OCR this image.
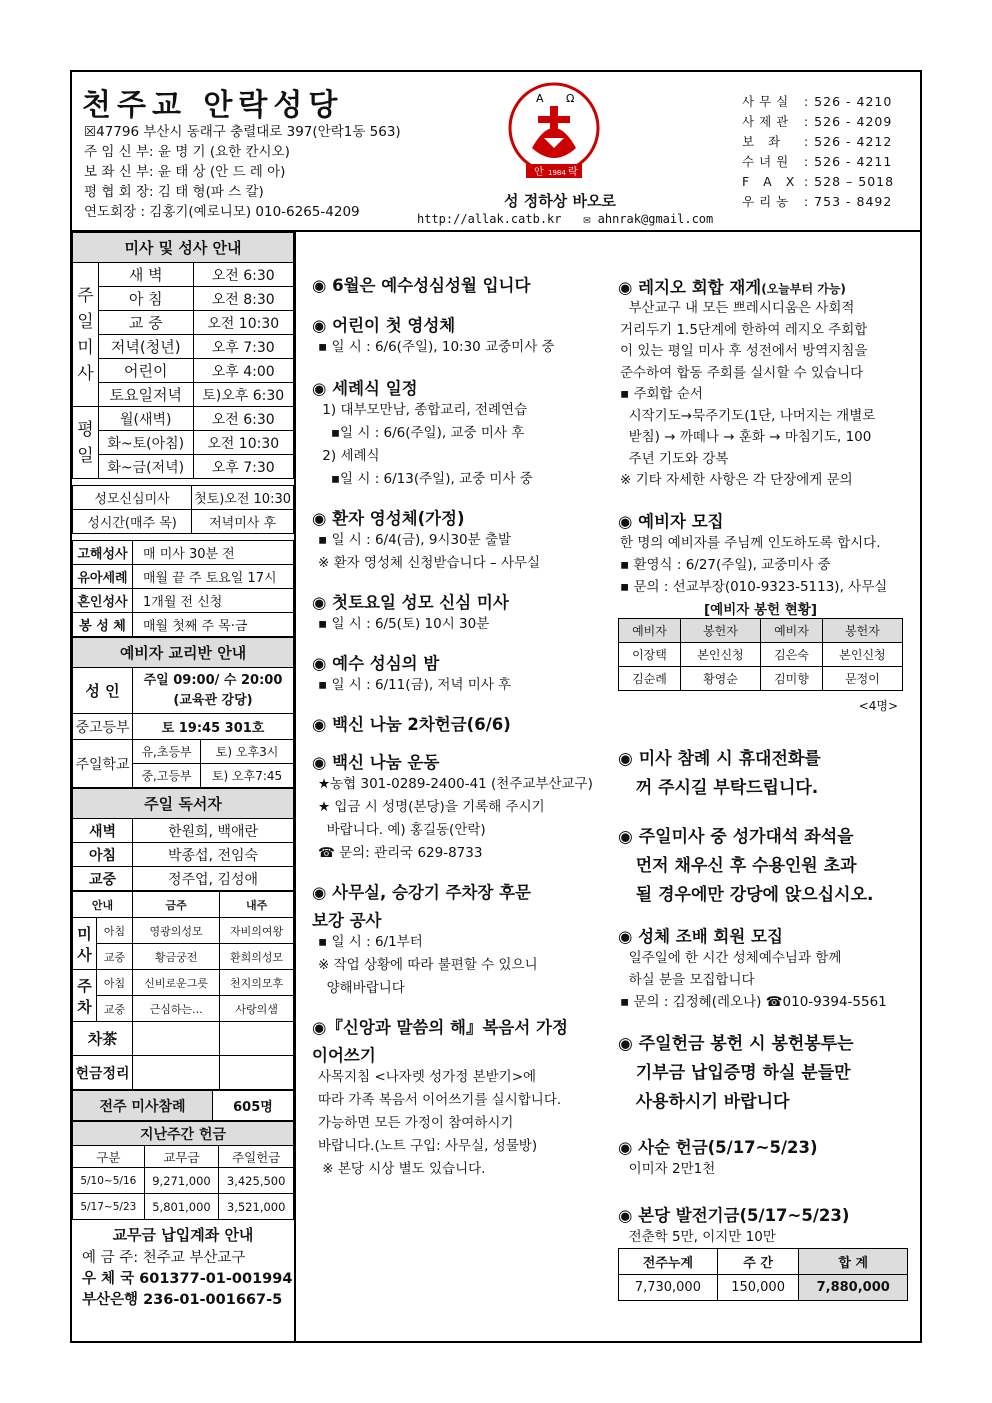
천주교 안락성당
☒47796 부산시 동래구 충렬대로 397(안락1동 563)
주 임 신 부: 윤 명 기 (요한 칸시오)
보 좌 신 부: 윤 태 상 (안 드 레 아)
평 협 회 장: 김 태 형(파 스 칼)
연도회장 : 김홍기(예로니모) 010-6265-4209
A Ω
안 1984 락
성 정하상 바오로
http://allak.catb.kr ✉ ahnrak@gmail.com
사무실 : 526 - 4210
사제관 : 526 - 4209
보 좌	: 526 - 4212
수녀원 : 526 - 4211
F A X : 528 – 5018
우리농 : 753 - 8492
미사 및 성사 안내		
주
일
미
사	새 벽	오전 6:30
	아 침	오전 8:30
	교 중	오전 10:30
	저녁(청년)	오후 7:30
	어린이	오후 4:00
	토요일저녁	토)오후 6:30
평
일	월(새벽)	오전 6:30
	화~토(아침)	오전 10:30
	화~금(저녁)	오후 7:30
성모신심미사	첫토)오전 10:30
성시간(매주 목)	저녁미사 후
고해성사	매 미사 30분 전
유아세례	매월 끝 주 토요일 17시
혼인성사	1개월 전 신청
봉 성 체	매월 첫째 주 목·금
예비자 교리반 안내		
성 인	주일 09:00/ 수 20:00
(교육관 강당)	

중고등부	토 19:45 301호	
주일학교	유,초등부	토) 오후3시
	중,고등부	토) 오후7:45
주일 독서자	
새벽	한원희, 백애란
아침	박종섭, 전임숙
교중	정주업, 김성애
안내		금주	내주
미사	아침	영광의성모	자비의여왕
	교중	황금궁전	환희의성모
주차	아침	신비로운그릇	천지의모후
	교중	근심하는...	사랑의샘
차茶			
헌금정리			
전주 미사참례	605명
지난주간 헌금		
구분	교무금	주일헌금
5/10~5/16	9,271,000	3,425,500
5/17~5/23	5,801,000	3,521,000
교무금 납입계좌 안내
예 금 주: 천주교 부산교구
우 체 국 601377-01-001994
부산은행 236-01-001667-5
◉ 6월은 예수성심성월 입니다
◉ 어린이 첫 영성체
▪ 일 시 : 6/6(주일), 10:30 교중미사 중
◉ 세례식 일정
1) 대부모만남, 종합교리, 전례연습
▪일 시 : 6/6(주일), 교중 미사 후
2) 세례식
▪일 시 : 6/13(주일), 교중 미사 중
◉ 환자 영성체(가정)
▪ 일 시 : 6/4(금), 9시30분 출발
※ 환자 영성체 신청받습니다 – 사무실
◉ 첫토요일 성모 신심 미사
▪ 일 시 : 6/5(토) 10시 30분
◉ 예수 성심의 밤
▪ 일 시 : 6/11(금), 저녁 미사 후
◉ 백신 나눔 2차헌금(6/6)
◉ 백신 나눔 운동
★농협 301-0289-2400-41 (천주교부산교구)
★ 입금 시 성명(본당)을 기록해 주시기
바랍니다. 예) 홍길동(안락)
☎ 문의: 관리국 629-8733
◉ 사무실, 승강기 주차장 후문
보강 공사
▪ 일 시 : 6/1부터
※ 작업 상황에 따라 불편할 수 있으니
양해바랍니다
◉『신앙과 말씀의 해』복음서 가정
이어쓰기
사목지침 <나자렛 성가정 본받기>에
따라 가족 복음서 이어쓰기를 실시합니다.
가능하면 모든 가정이 참여하시기
바랍니다.(노트 구입: 사무실, 성물방)
※ 본당 시상 별도 있습니다.
◉ 레지오 회합 재게(오늘부터 가능)
부산교구 내 모든 쁘레시디움은 사회적
거리두기 1.5단계에 한하여 레지오 주회합
이 있는 평일 미사 후 성전에서 방역지침을
준수하여 합동 주회를 실시할 수 있습니다
▪ 주회합 순서
시작기도→묵주기도(1단, 나머지는 개별로
받침) → 까떼나 → 훈화 → 마침기도, 100
주년 기도와 강복
※ 기타 자세한 사항은 각 단장에게 문의
◉ 예비자 모집
한 명의 예비자를 주님께 인도하도록 합시다.
▪ 환영식 : 6/27(주일), 교중미사 중
▪ 문의 : 선교부장(010-9323-5113), 사무실
[예비자 봉헌 현황]
예비자	봉헌자	예비자	봉헌자
이장택	본인신청	김은숙	본인신청
김순례	황영순	김미향	문정이
<4명>
◉ 미사 참례 시 휴대전화를
꺼 주시길 부탁드립니다.
◉ 주일미사 중 성가대석 좌석을
먼저 채우신 후 수용인원 초과
될 경우에만 강당에 앉으십시오.
◉ 성체 조배 회원 모집
일주일에 한 시간 성체예수님과 함께
하실 분을 모집합니다
▪ 문의 : 김정혜(레오나) ☎010-9394-5561
◉ 주일헌금 봉헌 시 봉헌봉투는
기부금 납입증명 하실 분들만
사용하시기 바랍니다
◉ 사순 헌금(5/17~5/23)
이미자 2만1천
◉ 본당 발전기금(5/17~5/23)
전춘학 5만, 이지만 10만
전주누계	주 간	합 계
7,730,000	150,000	7,880,000
